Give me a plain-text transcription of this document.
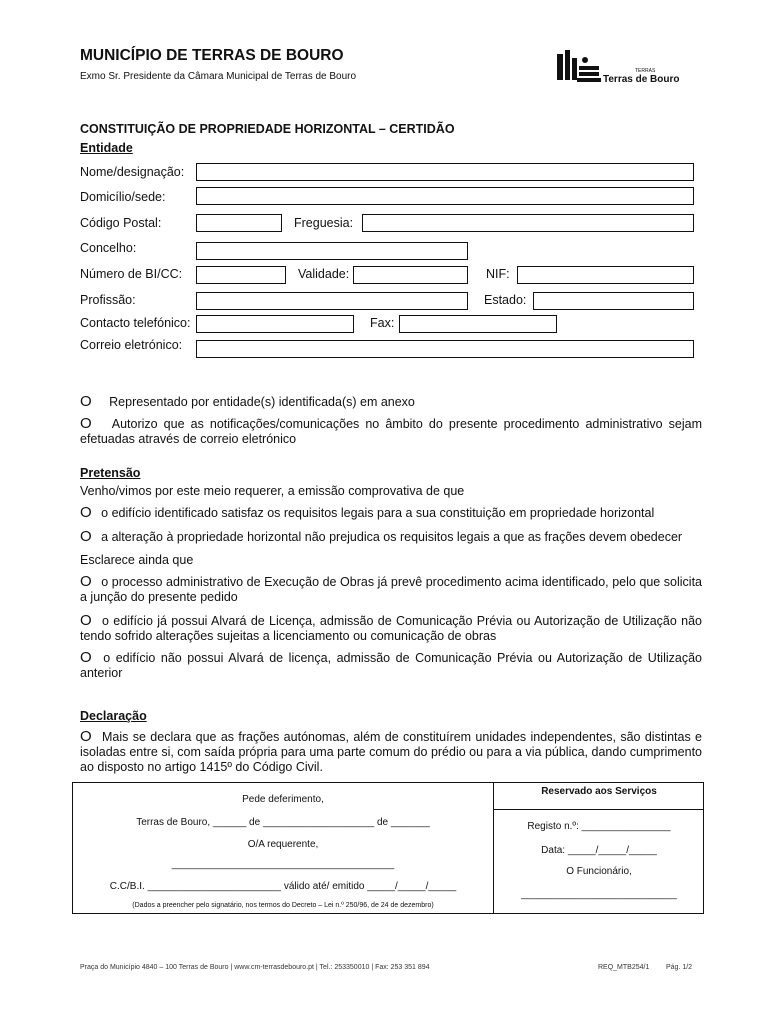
MUNICÍPIO DE TERRAS DE BOURO
Exmo Sr. Presidente da Câmara Municipal de Terras de Bouro	TERRAS
Terras de Bouro
CONSTITUIÇÃO DE PROPRIEDADE HORIZONTAL – CERTIDÃO
Entidade
Nome/designação:
Domicílio/sede:
Código Postal:	Freguesia:
Concelho:
Número de BI/CC:	Validade:	NIF:
Profissão:	Estado:
Contacto telefónico:	Fax:
Correio eletrónico:
O Representado por entidade(s) identificada(s) em anexo
O Autorizo que as notificações/comunicações no âmbito do presente procedimento administrativo sejam efetuadas através de correio eletrónico
Pretensão
Venho/vimos por este meio requerer, a emissão comprovativa de que
O o edifício identificado satisfaz os requisitos legais para a sua constituição em propriedade horizontal
O a alteração à propriedade horizontal não prejudica os requisitos legais a que as frações devem obedecer
Esclarece ainda que
O o processo administrativo de Execução de Obras já prevê procedimento acima identificado, pelo que solicita a junção do presente pedido
O o edifício já possui Alvará de Licença, admissão de Comunicação Prévia ou Autorização de Utilização não tendo sofrido alterações sujeitas a licenciamento ou comunicação de obras
O o edifício não possui Alvará de licença, admissão de Comunicação Prévia ou Autorização de Utilização anterior
Declaração
O Mais se declara que as frações autónomas, além de constituírem unidades independentes, são distintas e isoladas entre si, com saída própria para uma parte comum do prédio ou para a via pública, dando cumprimento ao disposto no artigo 1415º do Código Civil.
Pede deferimento,
Terras de Bouro, ______ de ____________________ de _______
O/A requerente,
________________________________________
C.C/B.I. ________________________ válido até/ emitido _____/_____/_____
(Dados a preencher pelo signatário, nos termos do Decreto – Lei n.º 250/96, de 24 de dezembro)
Reservado aos Serviços
Registo n.º: ________________
Data: _____/_____/_____
O Funcionário,
____________________________
Praça do Município 4840 – 100 Terras de Bouro | www.cm-terrasdebouro.pt | Tel.: 253350010 | Fax: 253 351 894	REQ_MTB254/1 Pág. 1/2
